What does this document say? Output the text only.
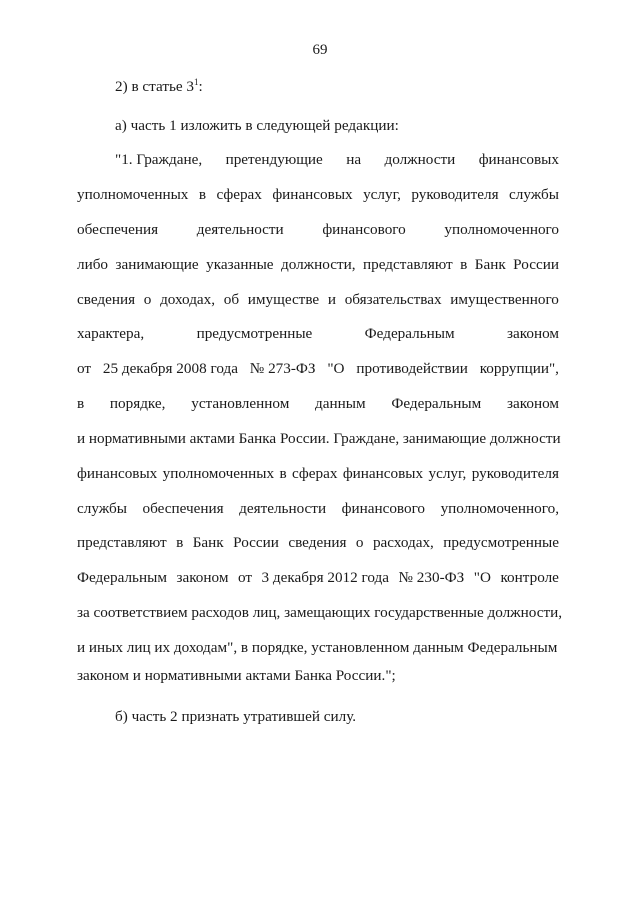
69
2) в статье $3^1$:
а) часть 1 изложить в следующей редакции:
"1. Граждане, претендующие на должности финансовых
уполномоченных в сферах финансовых услуг, руководителя службы
обеспечения	деятельности	финансового	уполномоченного
либо занимающие указанные должности, представляют в Банк России
сведения о доходах, об имуществе и обязательствах имущественного
характера,	предусмотренные	Федеральным	законом
от 25 декабря 2008 года № 273-ФЗ "О противодействии коррупции",
в порядке, установленном данным Федеральным законом
и нормативными актами Банка России. Граждане, занимающие должности
финансовых уполномоченных в сферах финансовых услуг, руководителя
службы обеспечения деятельности финансового уполномоченного,
представляют в Банк России сведения о расходах, предусмотренные
Федеральным законом от 3 декабря 2012 года № 230-ФЗ "О контроле
за соответствием расходов лиц, замещающих государственные должности,
и иных лиц их доходам", в порядке, установленном данным Федеральным
законом и нормативными актами Банка России.";
б) часть 2 признать утратившей силу.
